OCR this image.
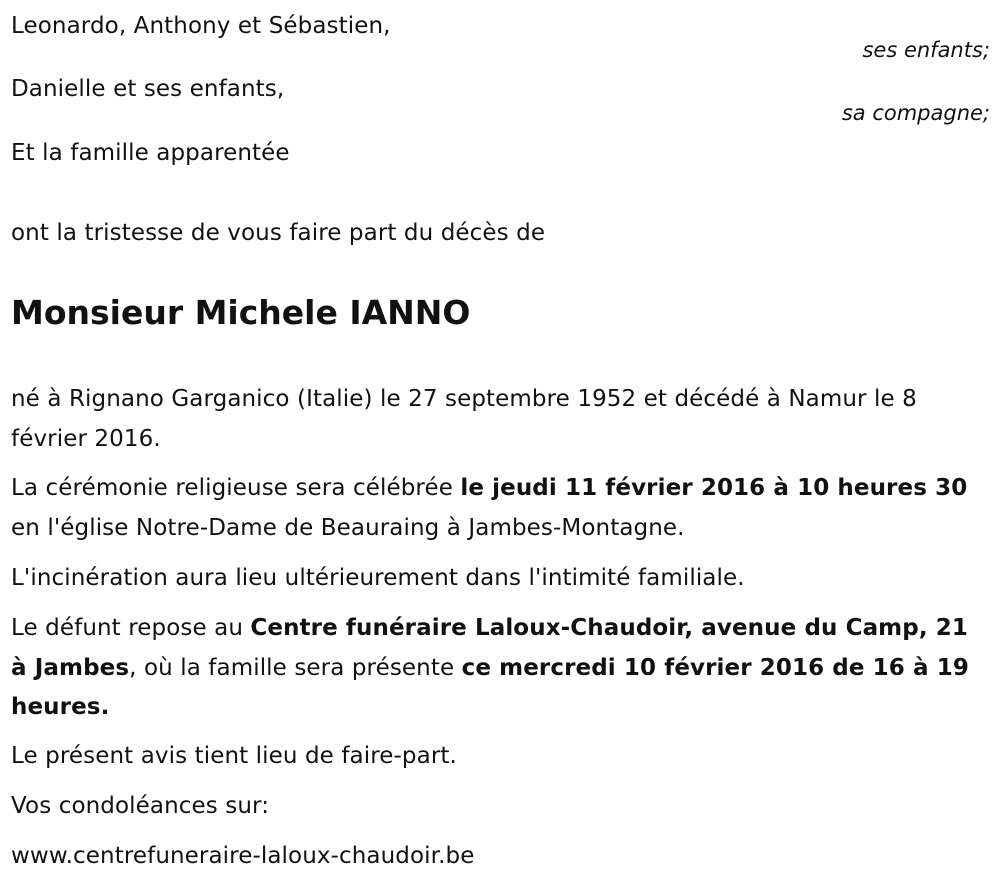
Leonardo, Anthony et Sébastien,
ses enfants;
Danielle et ses enfants,
sa compagne;
Et la famille apparentée
ont la tristesse de vous faire part du décès de
Monsieur Michele IANNO
né à Rignano Garganico (Italie) le 27 septembre 1952 et décédé à Namur le 8 février 2016.
La cérémonie religieuse sera célébrée le jeudi 11 février 2016 à 10 heures 30 en l'église Notre-Dame de Beauraing à Jambes-Montagne.
L'incinération aura lieu ultérieurement dans l'intimité familiale.
Le défunt repose au Centre funéraire Laloux-Chaudoir, avenue du Camp, 21 à Jambes, où la famille sera présente ce mercredi 10 février 2016 de 16 à 19 heures.
Le présent avis tient lieu de faire-part.
Vos condoléances sur:
www.centrefuneraire-laloux-chaudoir.be
